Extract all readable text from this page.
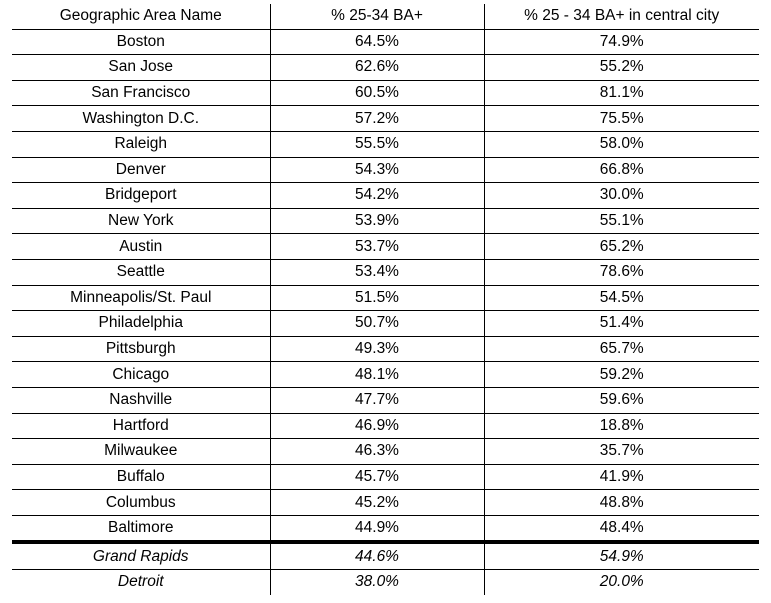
Geographic Area Name	% 25-34 BA+	% 25 - 34 BA+ in central city
Boston	64.5%	74.9%
San Jose	62.6%	55.2%
San Francisco	60.5%	81.1%
Washington D.C.	57.2%	75.5%
Raleigh	55.5%	58.0%
Denver	54.3%	66.8%
Bridgeport	54.2%	30.0%
New York	53.9%	55.1%
Austin	53.7%	65.2%
Seattle	53.4%	78.6%
Minneapolis/St. Paul	51.5%	54.5%
Philadelphia	50.7%	51.4%
Pittsburgh	49.3%	65.7%
Chicago	48.1%	59.2%
Nashville	47.7%	59.6%
Hartford	46.9%	18.8%
Milwaukee	46.3%	35.7%
Buffalo	45.7%	41.9%
Columbus	45.2%	48.8%
Baltimore	44.9%	48.4%
Grand Rapids	44.6%	54.9%
Detroit	38.0%	20.0%
